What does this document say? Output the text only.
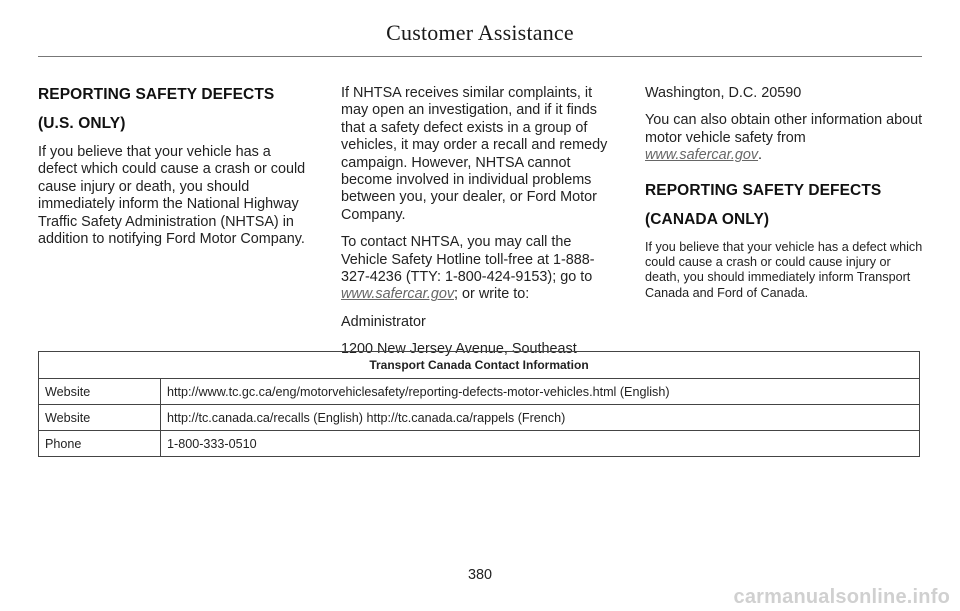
Customer Assistance
REPORTING SAFETY DEFECTS
(U.S. ONLY)

If you believe that your vehicle has a defect which could cause a crash or could cause injury or death, you should immediately inform the National Highway Traffic Safety Administration (NHTSA) in addition to notifying Ford Motor Company.

If NHTSA receives similar complaints, it may open an investigation, and if it finds that a safety defect exists in a group of vehicles, it may order a recall and remedy campaign. However, NHTSA cannot become involved in individual problems between you, your dealer, or Ford Motor Company.

To contact NHTSA, you may call the Vehicle Safety Hotline toll-free at 1-888-327-4236 (TTY: 1-800-424-9153); go to www.safercar.gov; or write to:

Administrator

1200 New Jersey Avenue, Southeast

Washington, D.C. 20590

You can also obtain other information about motor vehicle safety from www.safercar.gov.

REPORTING SAFETY DEFECTS
(CANADA ONLY)

If you believe that your vehicle has a defect which could cause a crash or could cause injury or death, you should immediately inform Transport Canada and Ford of Canada.

Transport Canada Contact Information	
Website	http://www.tc.gc.ca/eng/motorvehiclesafety/reporting-defects-motor-vehicles.html (English)
Website	http://tc.canada.ca/recalls (English) http://tc.canada.ca/rappels (French)
Phone	1-800-333-0510
380
carmanualsonline.info
